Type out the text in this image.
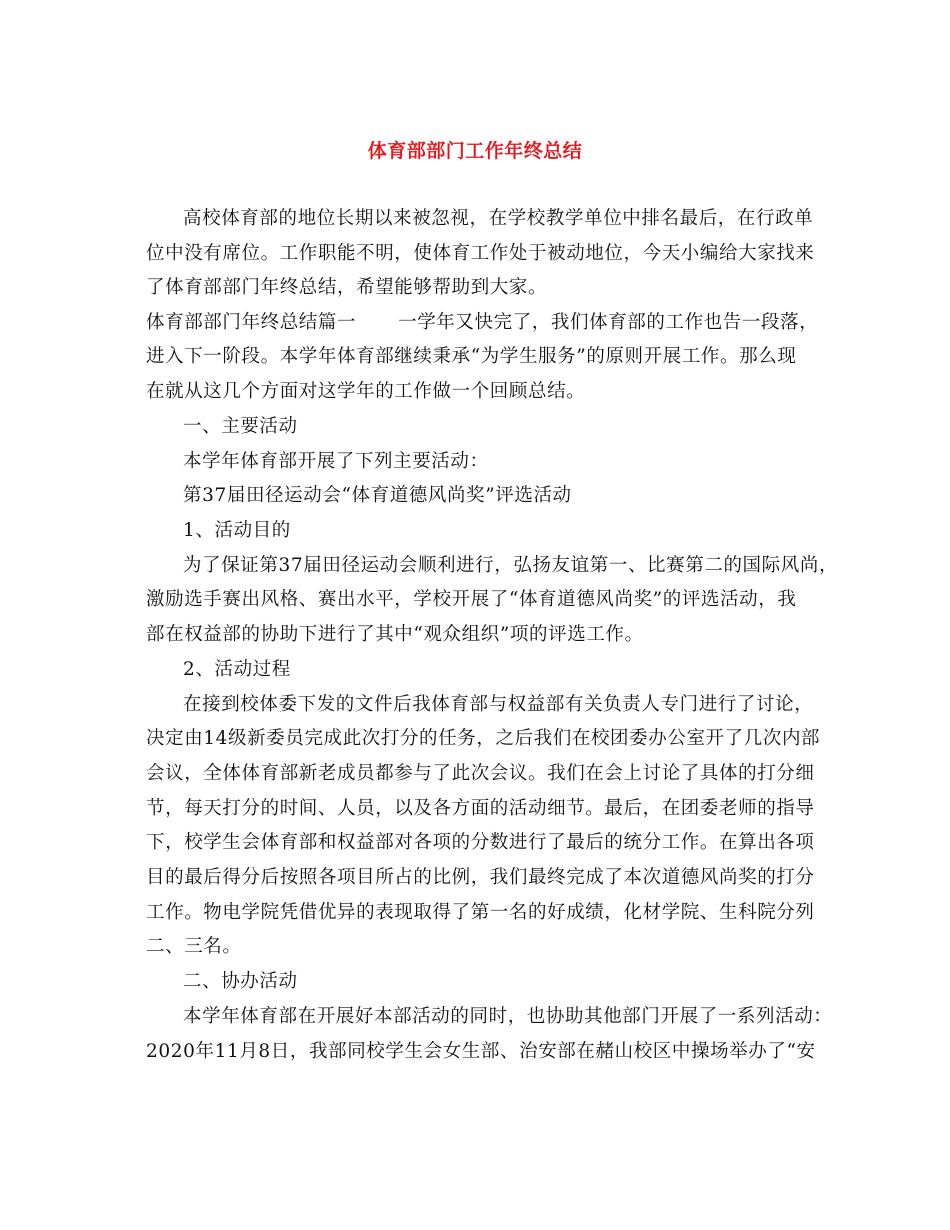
体育部部门工作年终总结
高校体育部的地位长期以来被忽视，在学校教学单位中排名最后，在行政单
位中没有席位。工作职能不明，使体育工作处于被动地位，今天小编给大家找来
了体育部部门年终总结，希望能够帮助到大家。
体育部部门年终总结篇一 一学年又快完了，我们体育部的工作也告一段落，
进入下一阶段。本学年体育部继续秉承“为学生服务”的原则开展工作。那么现
在就从这几个方面对这学年的工作做一个回顾总结。
一、主要活动
本学年体育部开展了下列主要活动：
第37届田径运动会“体育道德风尚奖”评选活动
1、活动目的
为了保证第37届田径运动会顺利进行，弘扬友谊第一、比赛第二的国际风尚，
激励选手赛出风格、赛出水平，学校开展了“体育道德风尚奖”的评选活动，我
部在权益部的协助下进行了其中“观众组织”项的评选工作。
2、活动过程
在接到校体委下发的文件后我体育部与权益部有关负责人专门进行了讨论，
决定由14级新委员完成此次打分的任务，之后我们在校团委办公室开了几次内部
会议，全体体育部新老成员都参与了此次会议。我们在会上讨论了具体的打分细
节，每天打分的时间、人员，以及各方面的活动细节。最后，在团委老师的指导
下，校学生会体育部和权益部对各项的分数进行了最后的统分工作。在算出各项
目的最后得分后按照各项目所占的比例，我们最终完成了本次道德风尚奖的打分
工作。物电学院凭借优异的表现取得了第一名的好成绩，化材学院、生科院分列
二、三名。
二、协办活动
本学年体育部在开展好本部活动的同时，也协助其他部门开展了一系列活动：
2020年11月8日，我部同校学生会女生部、治安部在赭山校区中操场举办了“安
